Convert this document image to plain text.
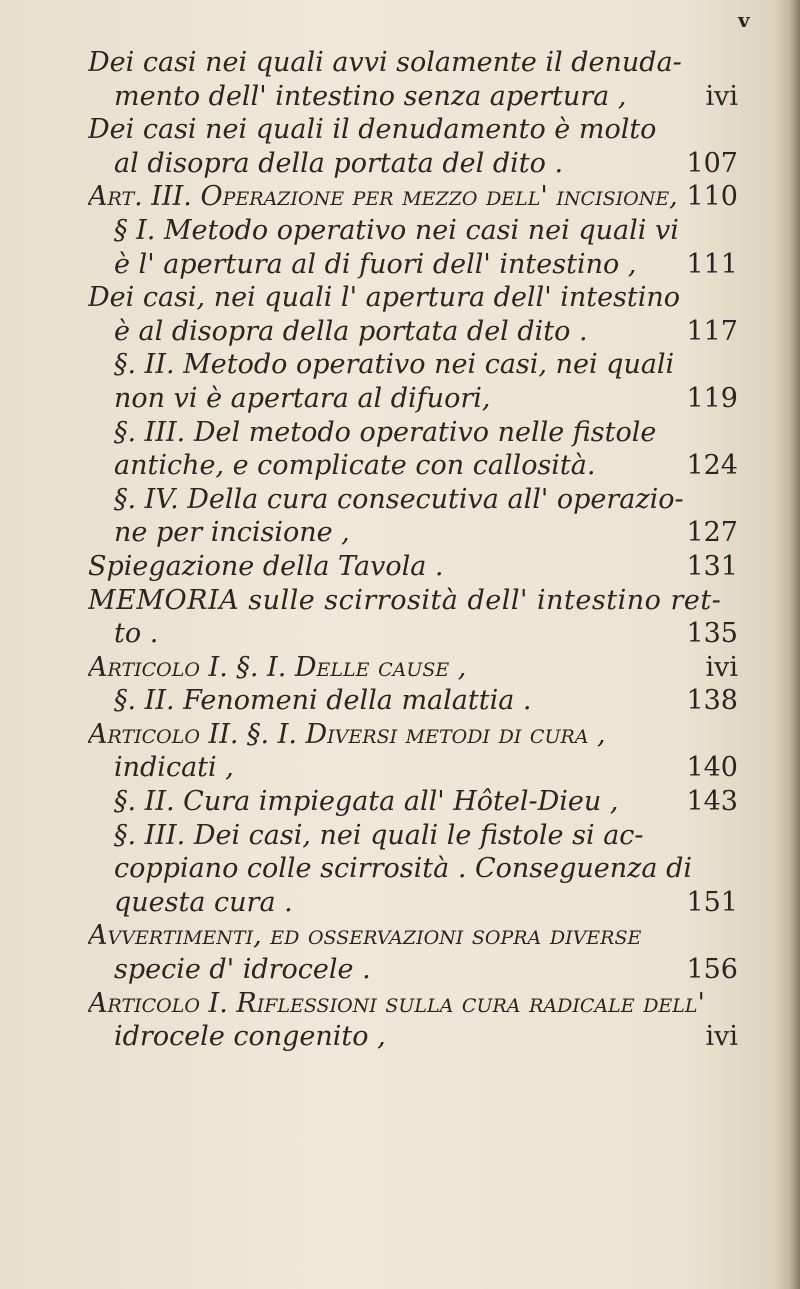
v
Dei casi nei quali avvi solamente il denuda-
mento dell' intestino senza apertura ,	ivi
Dei casi nei quali il denudamento è molto
al disopra della portata del dito .	107
Art. III. Operazione per mezzo dell' incisione, 110
§ I. Metodo operativo nei casi nei quali vi
è l' apertura al di fuori dell' intestino ,	111
Dei casi, nei quali l' apertura dell' intestino
è al disopra della portata del dito .	117
§. II. Metodo operativo nei casi, nei quali
non vi è apertara al difuori,	119
§. III. Del metodo operativo nelle fistole
antiche, e complicate con callosità.	124
§. IV. Della cura consecutiva all' operazio-
ne per incisione ,	127
Spiegazione della Tavola .	131
MEMORIA sulle scirrosità dell' intestino ret-
to .	135
Articolo I. §. I. Delle cause ,	ivi
§. II. Fenomeni della malattia .	138
Articolo II. §. I. Diversi metodi di cura ,
indicati ,	140
§. II. Cura impiegata all' Hôtel-Dieu ,	143
§. III. Dei casi, nei quali le fistole si ac-
coppiano colle scirrosità . Conseguenza di
questa cura .	151
Avvertimenti, ed osservazioni sopra diverse
specie d' idrocele .	156
Articolo I. Riflessioni sulla cura radicale dell'
idrocele congenito ,	ivi
